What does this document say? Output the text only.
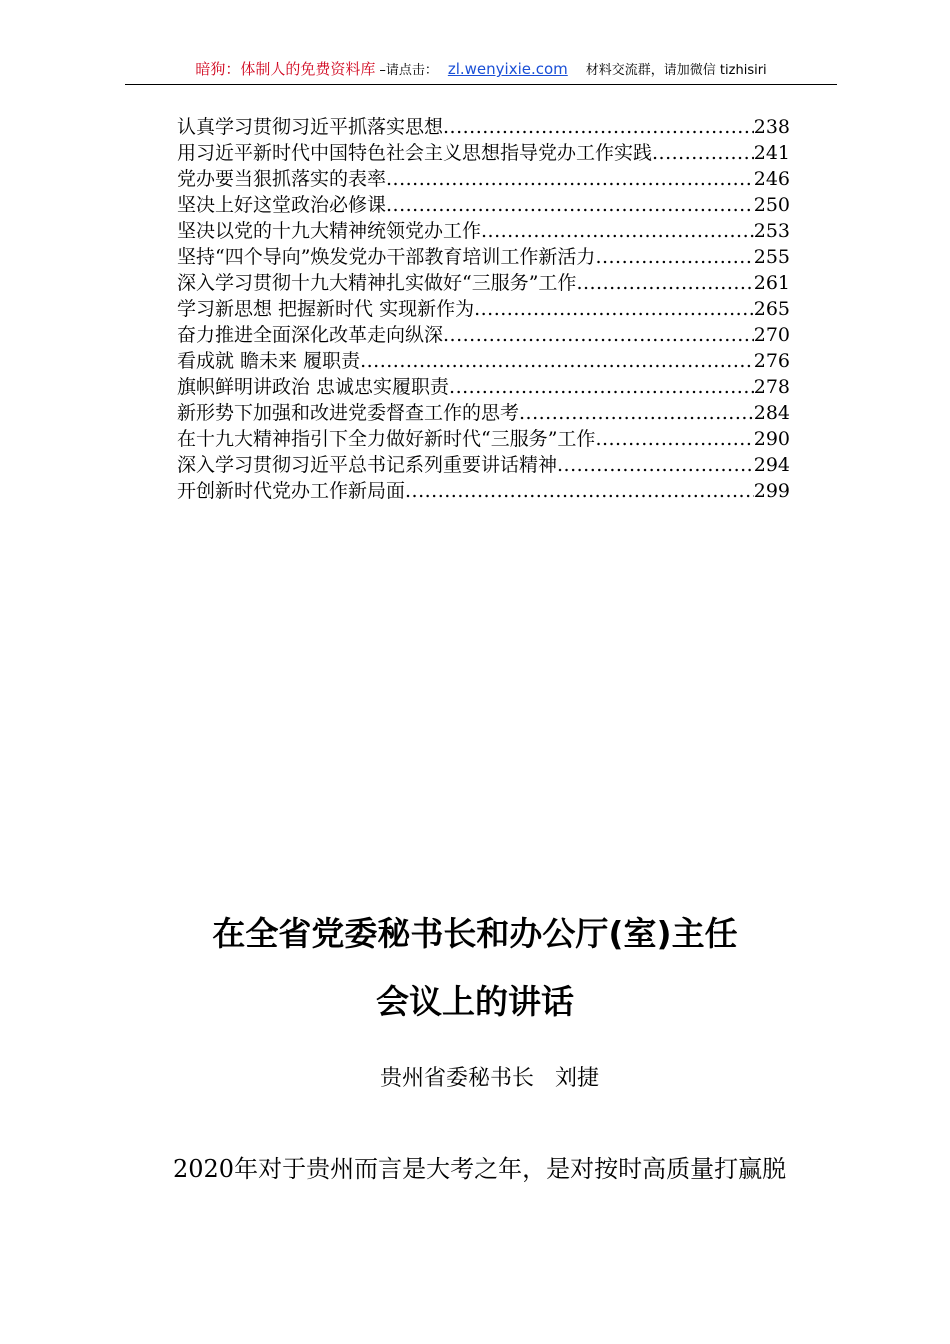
暗狗：体制人的免费资料库 –请点击： zl.wenyixie.com 材料交流群，请加微信 tizhisiri
认真学习贯彻习近平抓落实思想 .....	238
用习近平新时代中国特色社会主义思想指导党办工作实践 .....	241
党办要当狠抓落实的表率 .....	246
坚决上好这堂政治必修课 .....	250
坚决以党的十九大精神统领党办工作 .....	253
坚持“四个导向”焕发党办干部教育培训工作新活力 .....	255
深入学习贯彻十九大精神扎实做好“三服务”工作 .....	261
学习新思想 把握新时代 实现新作为 .....	265
奋力推进全面深化改革走向纵深 .....	270
看成就 瞻未来 履职责 .....	276
旗帜鲜明讲政治 忠诚忠实履职责 .....	278
新形势下加强和改进党委督查工作的思考 .....	284
在十九大精神指引下全力做好新时代“三服务”工作 .....	290
深入学习贯彻习近平总书记系列重要讲话精神 .....	294
开创新时代党办工作新局面 .....	299
在全省党委秘书长和办公厅(室)主任
会议上的讲话
贵州省委秘书长   刘捷
2020年对于贵州而言是大考之年，是对按时高质量打赢脱
